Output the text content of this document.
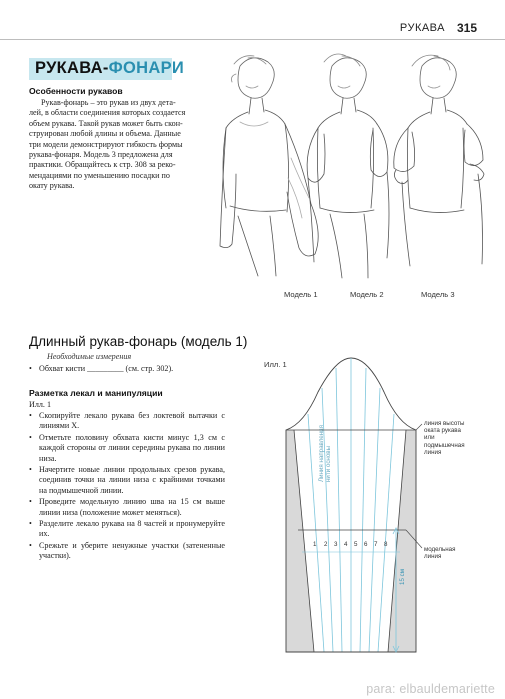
РУКАВА 315
РУКАВА-ФОНАРИ
Особенности рукавов
Рукав-фонарь – это рукав из двух дета-
лей, в области соединения которых создается
объем рукава. Такой рукав может быть скон-
струирован любой длины и объема. Данные
три модели демонстрируют гибкость формы
рукава-фонаря. Модель 3 предложена для
практики. Обращайтесь к стр. 308 за реко-
мендациями по уменьшению посадки по
окату рукава.
Модель 1	Модель 2	Модель 3
Длинный рукав-фонарь (модель 1)
Необходимые измерения
• Обхват кисти _________ (см. стр. 302).
Разметка лекал и манипуляции
Илл. 1
• Скопируйте лекало рукава без локтевой вытачки с линиями X.
• Отметьте половину обхвата кисти минус 1,3 см с каждой стороны от линии середины рукава по линии низа.
• Начертите новые линии продольных срезов рукава, соединив точки на линии низа с крайними точками на подмышечной линии.
• Проведите модельную линию шва на 15 см выше линии низа (положение может меняться).
• Разделите лекало рукава на 8 частей и пронумеруйте их.
• Срежьте и уберите ненужные участки (затененные участки).
Илл. 1
1 2 3 4 5 6 7 8
Линия направления нити основы
15 см
линия высоты
оката рукава
или
подмышечная
линия
модельная
линия
para: elbauldemariette
